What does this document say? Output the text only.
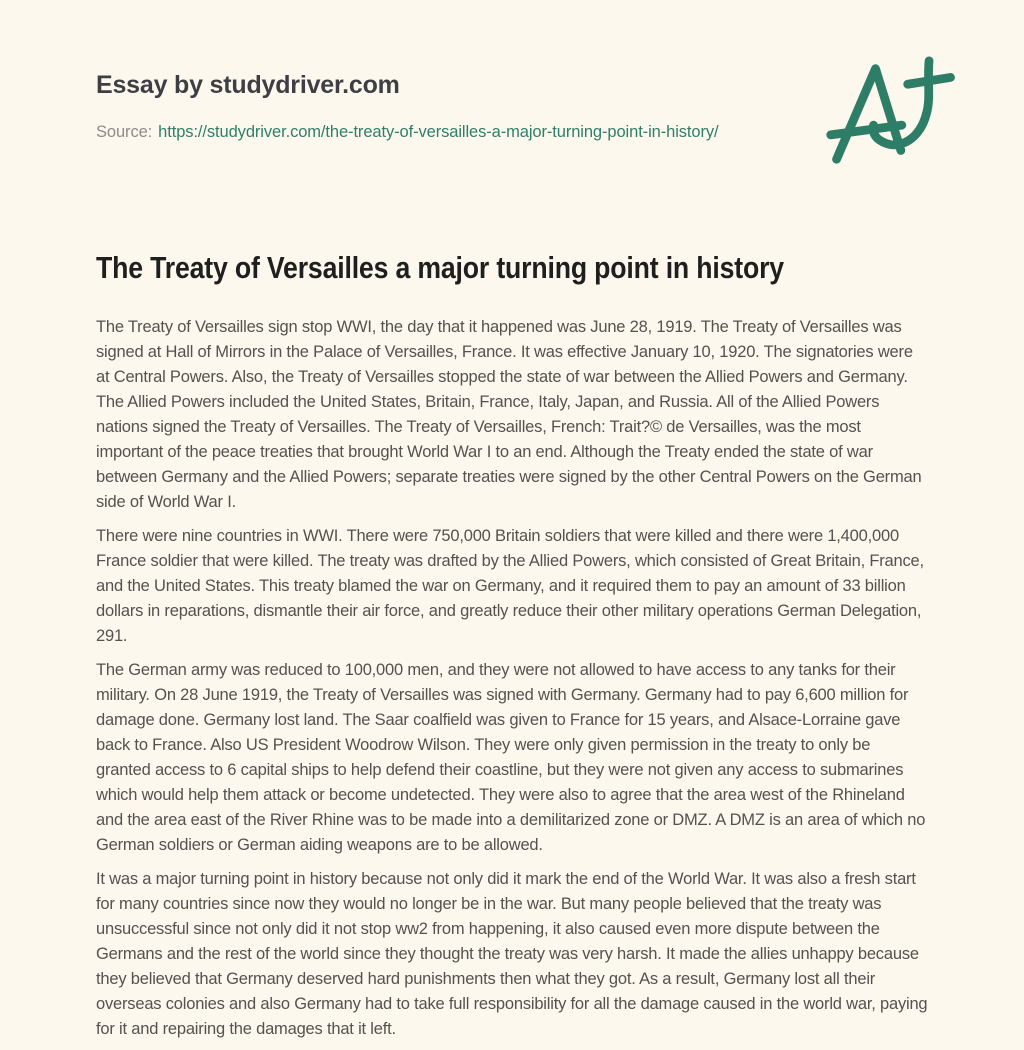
Essay by studydriver.com
Source: https://studydriver.com/the-treaty-of-versailles-a-major-turning-point-in-history/
The Treaty of Versailles a major turning point in history

The Treaty of Versailles sign stop WWI, the day that it happened was June 28, 1919. The Treaty of Versailles was signed at Hall of Mirrors in the Palace of Versailles, France. It was effective January 10, 1920. The signatories were at Central Powers. Also, the Treaty of Versailles stopped the state of war between the Allied Powers and Germany. The Allied Powers included the United States, Britain, France, Italy, Japan, and Russia. All of the Allied Powers nations signed the Treaty of Versailles. The Treaty of Versailles, French: Trait?© de Versailles, was the most important of the peace treaties that brought World War I to an end. Although the Treaty ended the state of war between Germany and the Allied Powers; separate treaties were signed by the other Central Powers on the German side of World War I.

There were nine countries in WWI. There were 750,000 Britain soldiers that were killed and there were 1,400,000 France soldier that were killed. The treaty was drafted by the Allied Powers, which consisted of Great Britain, France, and the United States. This treaty blamed the war on Germany, and it required them to pay an amount of 33 billion dollars in reparations, dismantle their air force, and greatly reduce their other military operations German Delegation, 291.

The German army was reduced to 100,000 men, and they were not allowed to have access to any tanks for their military. On 28 June 1919, the Treaty of Versailles was signed with Germany. Germany had to pay 6,600 million for damage done. Germany lost land. The Saar coalfield was given to France for 15 years, and Alsace-Lorraine gave back to France. Also US President Woodrow Wilson. They were only given permission in the treaty to only be granted access to 6 capital ships to help defend their coastline, but they were not given any access to submarines which would help them attack or become undetected. They were also to agree that the area west of the Rhineland and the area east of the River Rhine was to be made into a demilitarized zone or DMZ. A DMZ is an area of which no German soldiers or German aiding weapons are to be allowed.

It was a major turning point in history because not only did it mark the end of the World War. It was also a fresh start for many countries since now they would no longer be in the war. But many people believed that the treaty was unsuccessful since not only did it not stop ww2 from happening, it also caused even more dispute between the Germans and the rest of the world since they thought the treaty was very harsh. It made the allies unhappy because they believed that Germany deserved hard punishments then what they got. As a result, Germany lost all their overseas colonies and also Germany had to take full responsibility for all the damage caused in the world war, paying for it and repairing the damages that it left.
